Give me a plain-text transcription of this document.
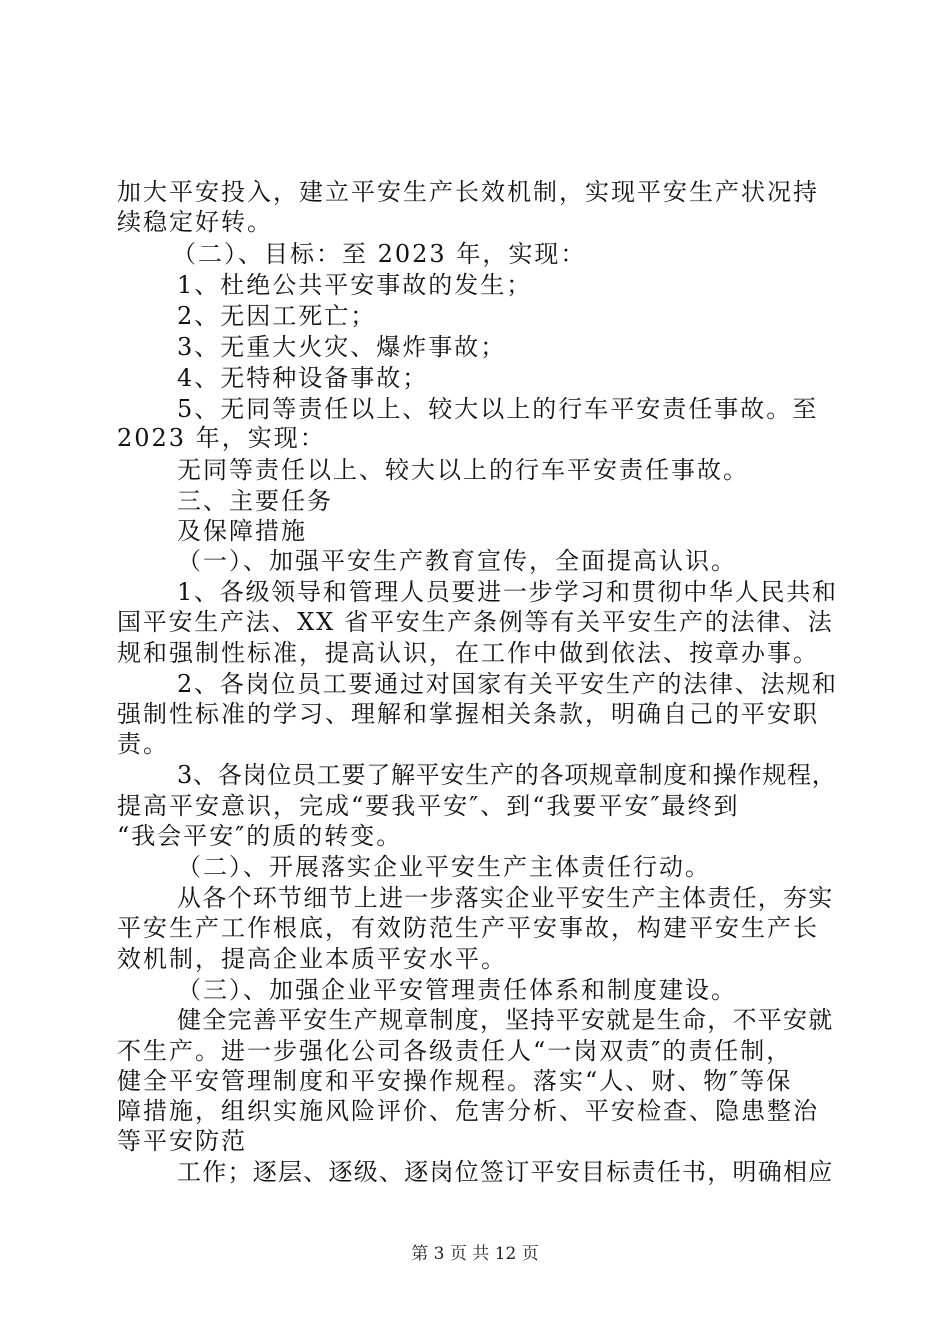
加大平安投入，建立平安生产长效机制，实现平安生产状况持
续稳定好转。
（二）、目标：至 2023 年，实现：
1、杜绝公共平安事故的发生；
2、无因工死亡；
3、无重大火灾、爆炸事故；
4、无特种设备事故；
5、无同等责任以上、较大以上的行车平安责任事故。至
2023 年，实现：
无同等责任以上、较大以上的行车平安责任事故。
三、主要任务
及保障措施
（一）、加强平安生产教育宣传，全面提高认识。
1、各级领导和管理人员要进一步学习和贯彻中华人民共和
国平安生产法、XX 省平安生产条例等有关平安生产的法律、法
规和强制性标准，提高认识，在工作中做到依法、按章办事。
2、各岗位员工要通过对国家有关平安生产的法律、法规和
强制性标准的学习、理解和掌握相关条款，明确自己的平安职
责。
3、各岗位员工要了解平安生产的各项规章制度和操作规程，
提高平安意识，完成“要我平安″、到“我要平安″最终到
“我会平安″的质的转变。
（二）、开展落实企业平安生产主体责任行动。
从各个环节细节上进一步落实企业平安生产主体责任，夯实
平安生产工作根底，有效防范生产平安事故，构建平安生产长
效机制，提高企业本质平安水平。
（三）、加强企业平安管理责任体系和制度建设。
健全完善平安生产规章制度，坚持平安就是生命，不平安就
不生产。进一步强化公司各级责任人“一岗双责″的责任制，
健全平安管理制度和平安操作规程。落实“人、财、物″等保
障措施，组织实施风险评价、危害分析、平安检查、隐患整治
等平安防范
工作；逐层、逐级、逐岗位签订平安目标责任书，明确相应
第 3 页 共 12 页
